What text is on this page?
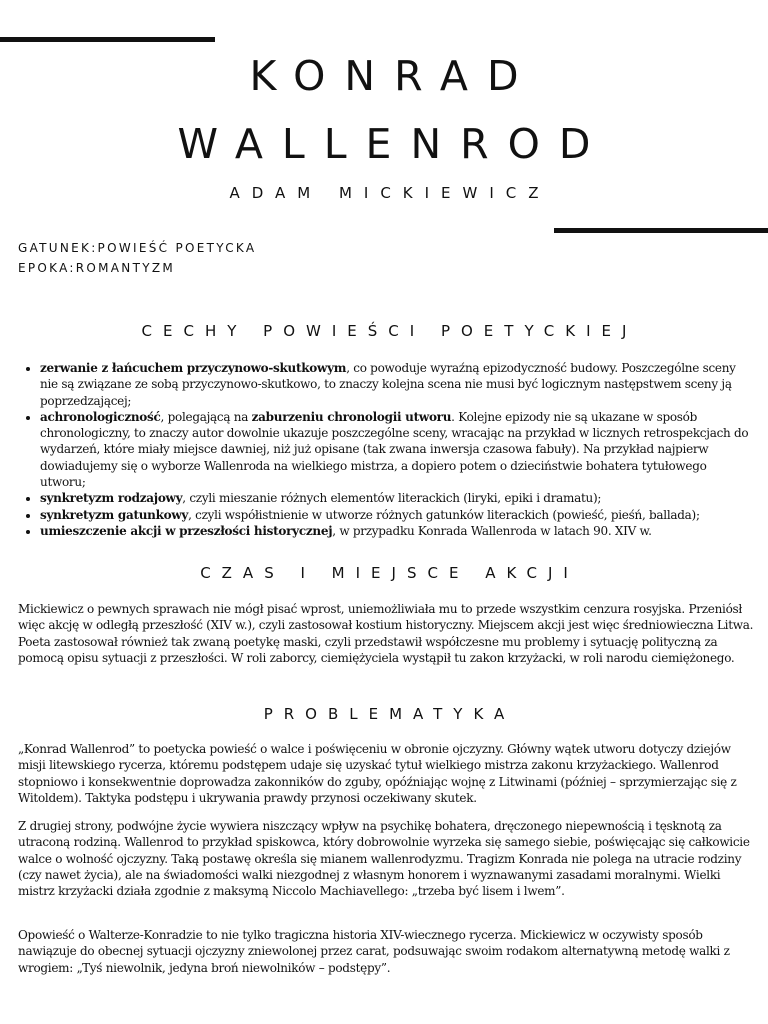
KONRAD
WALLENROD
ADAM MICKIEWICZ
GATUNEK:POWIEŚĆ POETYCKA
EPOKA:ROMANTYZM
CECHY POWIEŚCI POETYCKIEJ
• zerwanie z łańcuchem przyczynowo-skutkowym, co powoduje wyraźną epizodyczność budowy. Poszczególne sceny nie są związane ze sobą przyczynowo-skutkowo, to znaczy kolejna scena nie musi być logicznym następstwem sceny ją poprzedzającej;
• achronologiczność, polegającą na zaburzeniu chronologii utworu. Kolejne epizody nie są ukazane w sposób chronologiczny, to znaczy autor dowolnie ukazuje poszczególne sceny, wracając na przykład w licznych retrospekcjach do wydarzeń, które miały miejsce dawniej, niż już opisane (tak zwana inwersja czasowa fabuły). Na przykład najpierw dowiadujemy się o wyborze Wallenroda na wielkiego mistrza, a dopiero potem o dzieciństwie bohatera tytułowego utworu;
• synkretyzm rodzajowy, czyli mieszanie różnych elementów literackich (liryki, epiki i dramatu);
• synkretyzm gatunkowy, czyli współistnienie w utworze różnych gatunków literackich (powieść, pieśń, ballada);
• umieszczenie akcji w przeszłości historycznej, w przypadku Konrada Wallenroda w latach 90. XIV w.
CZAS I MIEJSCE AKCJI

Mickiewicz o pewnych sprawach nie mógł pisać wprost, uniemożliwiała mu to przede wszystkim cenzura rosyjska. Przeniósł więc akcję w odległą przeszłość (XIV w.), czyli zastosował kostium historyczny. Miejscem akcji jest więc średniowieczna Litwa. Poeta zastosował również tak zwaną poetykę maski, czyli przedstawił współczesne mu problemy i sytuację polityczną za pomocą opisu sytuacji z przeszłości. W roli zaborcy, ciemiężyciela wystąpił tu zakon krzyżacki, w roli narodu ciemiężonego.

PROBLEMATYKA

„Konrad Wallenrod” to poetycka powieść o walce i poświęceniu w obronie ojczyzny. Główny wątek utworu dotyczy dziejów misji litewskiego rycerza, któremu podstępem udaje się uzyskać tytuł wielkiego mistrza zakonu krzyżackiego. Wallenrod stopniowo i konsekwentnie doprowadza zakonników do zguby, opóźniając wojnę z Litwinami (później – sprzymierzając się z Witoldem). Taktyka podstępu i ukrywania prawdy przynosi oczekiwany skutek.

Z drugiej strony, podwójne życie wywiera niszczący wpływ na psychikę bohatera, dręczonego niepewnością i tęsknotą za utraconą rodziną. Wallenrod to przykład spiskowca, który dobrowolnie wyrzeka się samego siebie, poświęcając się całkowicie walce o wolność ojczyzny. Taką postawę określa się mianem wallenrodyzmu. Tragizm Konrada nie polega na utracie rodziny (czy nawet życia), ale na świadomości walki niezgodnej z własnym honorem i wyznawanymi zasadami moralnymi. Wielki mistrz krzyżacki działa zgodnie z maksymą Niccolo Machiavellego: „trzeba być lisem i lwem”.

Opowieść o Walterze-Konradzie to nie tylko tragiczna historia XIV-wiecznego rycerza. Mickiewicz w oczywisty sposób nawiązuje do obecnej sytuacji ojczyzny zniewolonej przez carat, podsuwając swoim rodakom alternatywną metodę walki z wrogiem: „Tyś niewolnik, jedyna broń niewolników – podstępy”.
